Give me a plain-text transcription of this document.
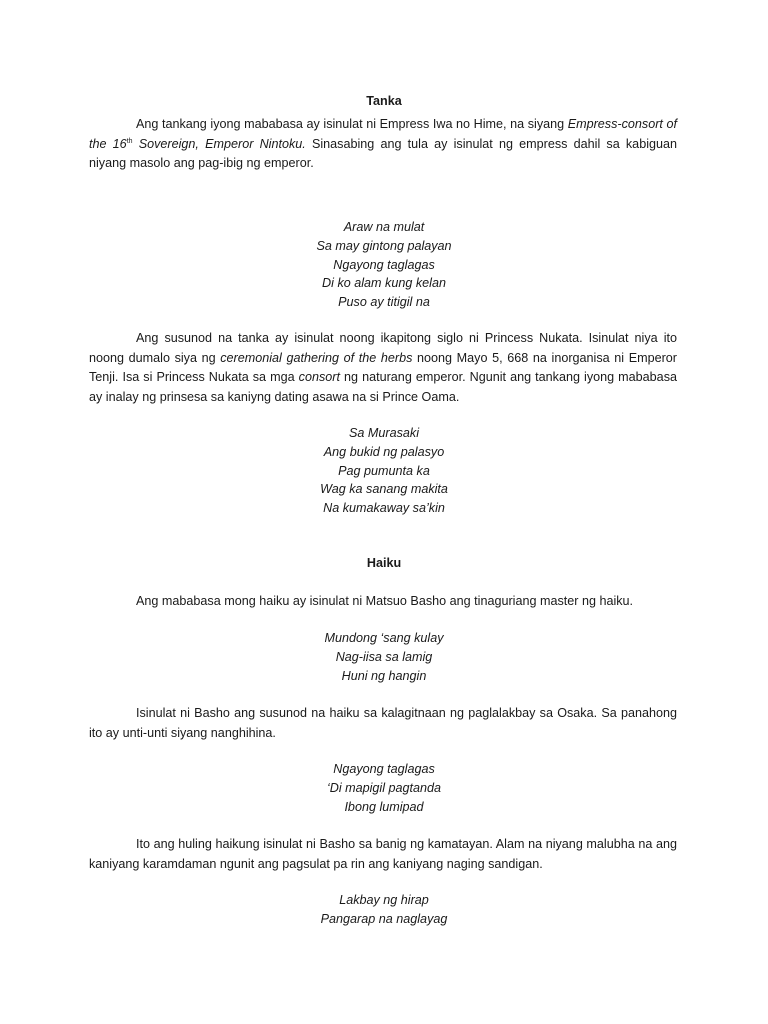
Tanka

Ang tankang iyong mababasa ay isinulat ni Empress Iwa no Hime, na siyang Empress-consort of the 16th Sovereign, Emperor Nintoku. Sinasabing ang tula ay isinulat ng empress dahil sa kabiguan niyang masolo ang pag-ibig ng emperor.

Araw na mulat
Sa may gintong palayan
Ngayong taglagas
Di ko alam kung kelan
Puso ay titigil na

Ang susunod na tanka ay isinulat noong ikapitong siglo ni Princess Nukata. Isinulat niya ito noong dumalo siya ng ceremonial gathering of the herbs noong Mayo 5, 668 na inorganisa ni Emperor Tenji. Isa si Princess Nukata sa mga consort ng naturang emperor. Ngunit ang tankang iyong mababasa ay inalay ng prinsesa sa kaniyng dating asawa na si Prince Oama.

Sa Murasaki
Ang bukid ng palasyo
Pag pumunta ka
Wag ka sanang makita
Na kumakaway sa’kin
Haiku

Ang mababasa mong haiku ay isinulat ni Matsuo Basho ang tinaguriang master ng haiku.

Mundong ‘sang kulay
Nag-iisa sa lamig
Huni ng hangin

Isinulat ni Basho ang susunod na haiku sa kalagitnaan ng paglalakbay sa Osaka. Sa panahong ito ay unti-unti siyang nanghihina.

Ngayong taglagas
‘Di mapigil pagtanda
Ibong lumipad

Ito ang huling haikung isinulat ni Basho sa banig ng kamatayan. Alam na niyang malubha na ang kaniyang karamdaman ngunit ang pagsulat pa rin ang kaniyang naging sandigan.

Lakbay ng hirap
Pangarap na naglayag
